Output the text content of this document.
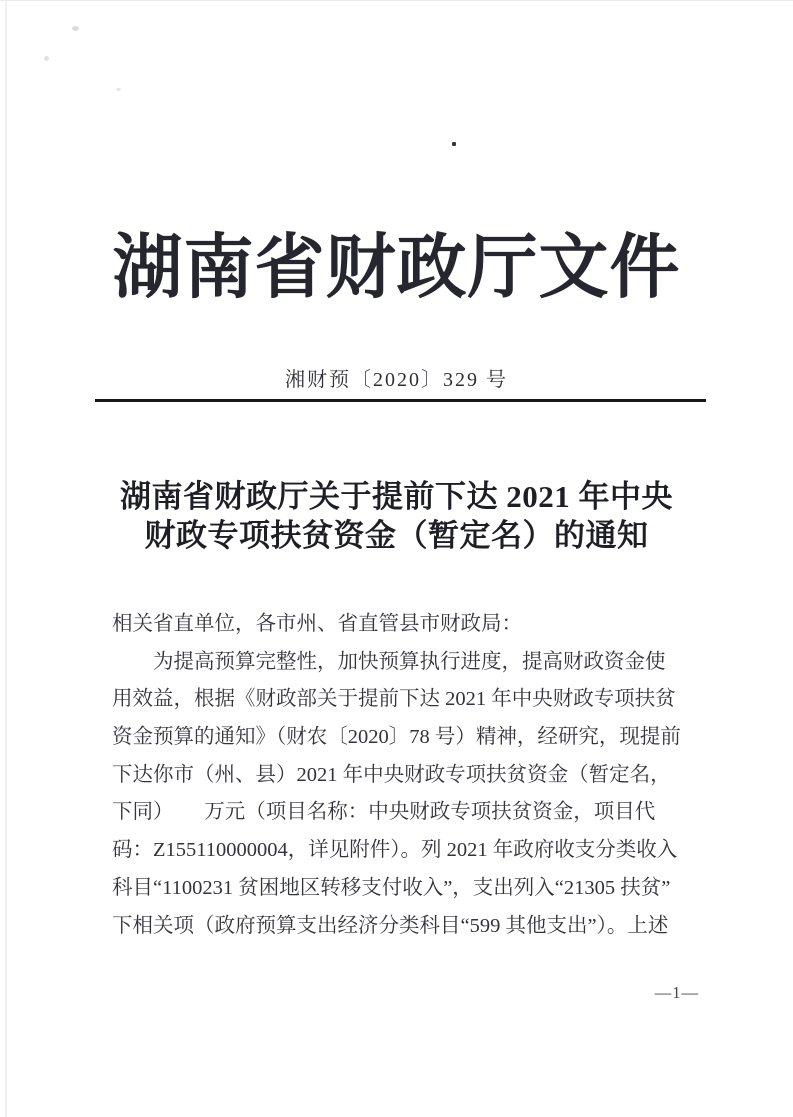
湖南省财政厅文件
湘财预〔2020〕329 号
湖南省财政厅关于提前下达 2021 年中央
财政专项扶贫资金（暂定名）的通知
相关省直单位，各市州、省直管县市财政局：
　　为提高预算完整性，加快预算执行进度，提高财政资金使
用效益，根据《财政部关于提前下达 2021 年中央财政专项扶贫
资金预算的通知》（财农〔2020〕78 号）精神，经研究，现提前
下达你市（州、县）2021 年中央财政专项扶贫资金（暂定名，
下同）　　万元（项目名称：中央财政专项扶贫资金，项目代
码：Z155110000004，详见附件）。列 2021 年政府收支分类收入
科目“1100231 贫困地区转移支付收入”，支出列入“21305 扶贫”
下相关项（政府预算支出经济分类科目“599 其他支出”）。上述
—1—
